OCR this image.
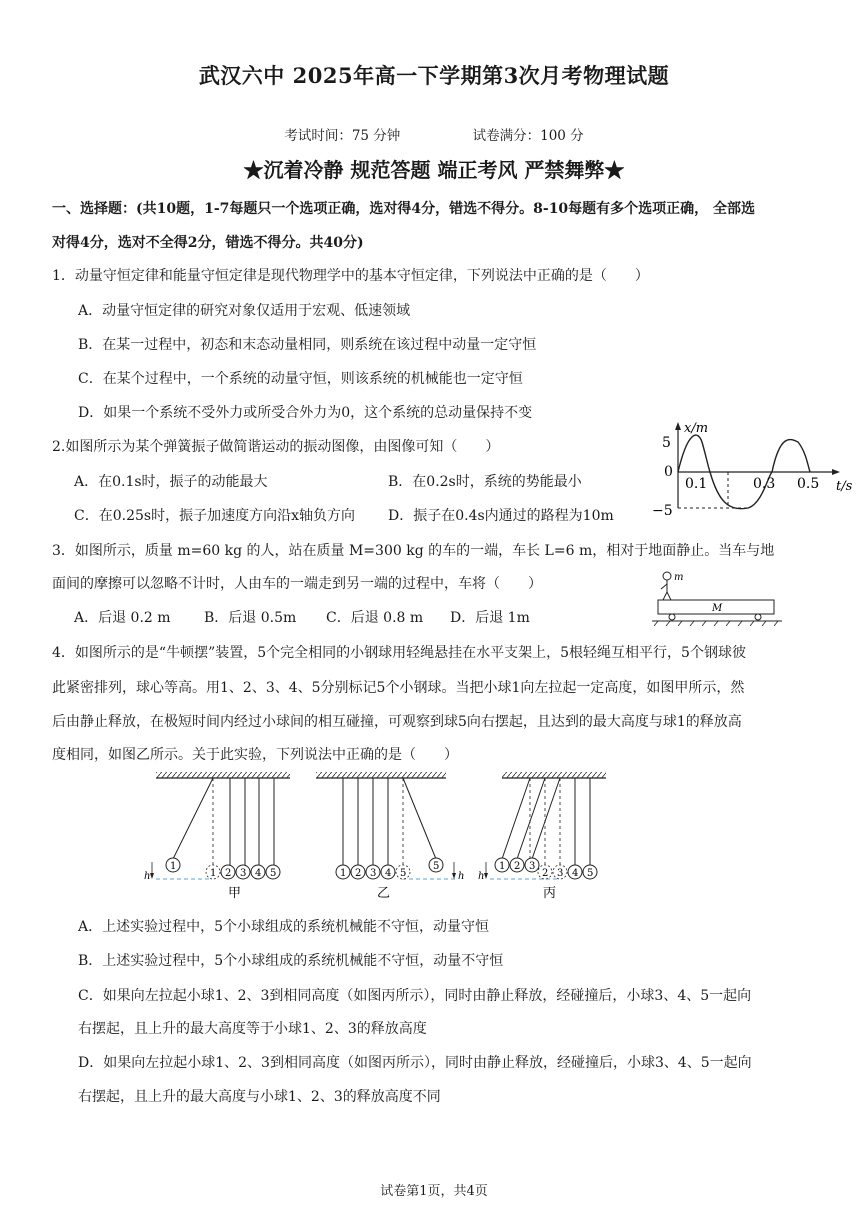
武汉六中 2025年高一下学期第3次月考物理试题
考试时间：75 分钟	试卷满分：100 分
★沉着冷静 规范答题 端正考风 严禁舞弊★
一、选择题：(共10题，1-7每题只一个选项正确，选对得4分，错选不得分。8-10每题有多个选项正确， 全部选
对得4分，选对不全得2分，错选不得分。共40分)
1．动量守恒定律和能量守恒定律是现代物理学中的基本守恒定律，下列说法中正确的是（　　）
A．动量守恒定律的研究对象仅适用于宏观、低速领域
B．在某一过程中，初态和末态动量相同，则系统在该过程中动量一定守恒
C．在某个过程中，一个系统的动量守恒，则该系统的机械能也一定守恒
D．如果一个系统不受外力或所受合外力为0，这个系统的总动量保持不变
2.如图所示为某个弹簧振子做简谐运动的振动图像，由图像可知（　　）
A．在0.1s时，振子的动能最大	B．在0.2s时，系统的势能最小
C．在0.25s时，振子加速度方向沿x轴负方向 D．振子在0.4s内通过的路程为10m
x/m
5
0
−5
0.1	0.3 0.5 t/s
3．如图所示，质量 m=60 kg 的人，站在质量 M=300 kg 的车的一端，车长 L=6 m，相对于地面静止。当车与地
面间的摩擦可以忽略不计时，人由车的一端走到另一端的过程中，车将（　　）
A．后退 0.2 m B．后退 0.5m C．后退 0.8 m D．后退 1m
m
M
4．如图所示的是“牛顿摆”装置，5个完全相同的小钢球用轻绳悬挂在水平支架上，5根轻绳互相平行，5个钢球彼
此紧密排列，球心等高。用1、2、3、4、5分别标记5个小钢球。当把小球1向左拉起一定高度，如图甲所示，然
后由静止释放，在极短时间内经过小球间的相互碰撞，可观察到球5向右摆起，且达到的最大高度与球1的释放高
度相同，如图乙所示。关于此实验，下列说法中正确的是（　　）
h
1
1 2 3 4 5
甲
h
1 2 3 4 5
5
乙
h
1 2 3
2 3 4 5
丙
A．上述实验过程中，5个小球组成的系统机械能不守恒，动量守恒
B．上述实验过程中，5个小球组成的系统机械能不守恒，动量不守恒
C．如果向左拉起小球1、2、3到相同高度（如图丙所示），同时由静止释放，经碰撞后，小球3、4、5一起向
右摆起，且上升的最大高度等于小球1、2、3的释放高度
D．如果向左拉起小球1、2、3到相同高度（如图丙所示），同时由静止释放，经碰撞后，小球3、4、5一起向
右摆起，且上升的最大高度与小球1、2、3的释放高度不同
试卷第1页，共4页
